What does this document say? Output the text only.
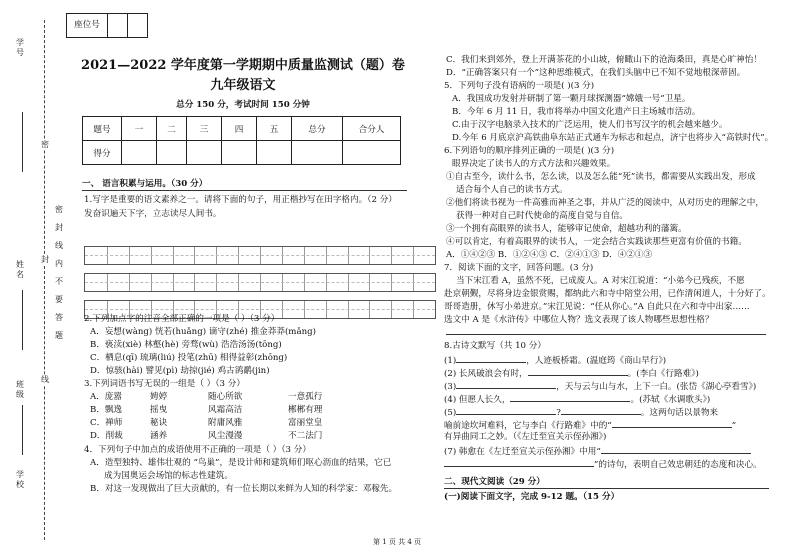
学号
姓名
班级
学校
密
封
线
密
封
线
内
不
要
答
题
座位号
2021—2022 学年度第一学期期中质量监测试（题）卷
九年级语文
总分 150 分，考试时间 150 分钟
题号	一	二	三	四	五	总分	合分人
得分							
一、 语言积累与运用。（30 分）
1.写字是重要的语文素养之一。请将下面的句子，用正楷抄写在田字格内。（2 分）
发奋识遍天下字，立志读尽人间书。
2.下列加点字的注音全部正确的一项是（ ）（3 分）
A．妄想(wàng) 恍若(huǎng) 谪守(zhé) 推金莽莽(mǎng)
B．亵渎(xiè) 林壑(hè) 旁骛(wù) 浩浩汤汤(tōng)
C．栖息(qī) 琉璃(liú) 投笔(zhū) 相得益彰(zhōng)
D．惊骇(hài) 譬见(pì) 劫掠(jié) 鸡古鹆鹬(jin)
3.下列词语书写无误的一组是（ ）（3 分）
A．庞嚣	娉婷	随心所欲	一意孤行
B．飘逸	摇曳	风霜高洁	郴郴有理
C．禅师	秘诀	附庸风雅	富丽堂皇
D．削裁	涵养	风尘漫漫	不二法门
4．下列句子中加点的成语使用不正确的一项是（ ）（3 分）
A．造型独特、雄伟壮观的 “鸟巢”，是设计师和建筑师们呕心沥血的结果，它已
成为国奥运会场馆的标志性建筑。
B．对这一发现做出了巨大贡献的，有一位长期以来鲜为人知的科学家：邓稼先。
C．我们来到郊外，登上开满茶花的小山坡，俯瞰山下的沧海桑田，真是心旷神怡！
D．“正确答案只有一个”这种思维模式，在我们头脑中已不知不觉地根深蒂固。
5．下列句子没有语病的一项是( )(3 分)
A．我国成功发射并研制了第一颗月球探测器“嫦娥一号”卫星。
B．今年 6 月 11 日，我市将举办中国文化遗产日主场城市活动。
C.由于汉字电脑录入技术的广泛运用，使人们书写汉字的机会越来越少。
D.今年 6 月底京沪高铁曲阜东站正式通车为标志和起点，济宁也将步入“高铁时代”。
6.下列语句的顺序排列正确的一项是( )(3 分)
眼界决定了读书人的方式方法和兴趣效果。
①自古至今，读什么书，怎么读，以及怎么能“死”读书，都需要从实践出发，形成
适合每个人自己的读书方式。
②他们将读书视为一件高雅而神圣之事，并从广泛的阅读中，从对历史的理解之中，
获得一种对自己时代使命的高度自觉与自信。
③一个拥有高眼界的读书人，能够审记使命，超越功利的藩篱。
④可以肯定，有着高眼界的读书人，一定会结合实践读那些更富有价值的书籍。
A．①④②③ B．①②④③ C．②④①③ D．④②①③
7．阅读下面的文字，回答问题。(3 分)
当下宋江看 A，虽然不死，已成废人。A 对宋江说道：“小弟今已残疾，不愿
赴京朝觐，尽将身边金银赏赐，都纳此六和寺中陪堂公用，已作清闲道人，十分好了。
哥哥造册，休写小弟进京。”宋江见说：“任从你心。”A 自此只在六和寺中出家……
选文中 A 是《水浒传》中哪位人物？选文表现了该人物哪些思想性格？
8.古诗文默写（共 10 分）
(1)	，人迹板桥霜。(温庭筠《商山早行》)
(2) 长风破浪会有时，	。(李白《行路难》)
(3)	，天与云与山与水，上下一白。(张岱《湖心亭看雪》)
(4) 但愿人长久，	。(苏轼《水调歌头》)
(5)	?	。这两句话以景物来
喻前途坎坷难料，它与李白《行路难》中的“	”
有异曲同工之妙。（《左迁至宣关示侄孙湘》)
(7) 韩愈在《左迁至宣关示侄孙湘》中用“
”的诗句，表明自己效忠朝廷的态度和决心。
二、现代文阅读（29 分）
(一)阅读下面文字，完成 9-12 题。（15 分）
第 1 页 共 4 页
